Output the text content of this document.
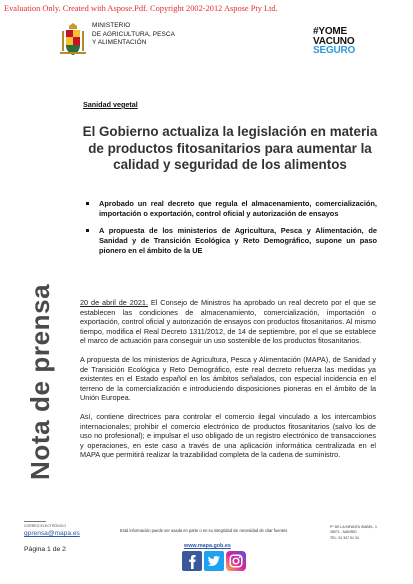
Evaluation Only. Created with Aspose.Pdf. Copyright 2002-2012 Aspose Pty Ltd.
MINISTERIO
DE AGRICULTURA, PESCA
Y ALIMENTACIÓN
#YOME
VACUNO
SEGURO
Sanidad vegetal
El Gobierno actualiza la legislación en materia de productos fitosanitarios para aumentar la calidad y seguridad de los alimentos
Aprobado un real decreto que regula el almacenamiento, comercialización, importación o exportación, control oficial y autorización de ensayos
A propuesta de los ministerios de Agricultura, Pesca y Alimentación, de Sanidad y de Transición Ecológica y Reto Demográfico, supone un paso pionero en el ámbito de la UE
Nota de prensa	20 de abril de 2021. El Consejo de Ministros ha aprobado un real decreto por el que se establecen las condiciones de almacenamiento, comercialización, importación o exportación, control oficial y autorización de ensayos con productos fitosanitarios. Al mismo tiempo, modifica el Real Decreto 1311/2012, de 14 de septiembre, por el que se establece el marco de actuación para conseguir un uso sostenible de los productos fitosanitarios.

A propuesta de los ministerios de Agricultura, Pesca y Alimentación (MAPA), de Sanidad y de Transición Ecológica y Reto Demográfico, este real decreto refuerza las medidas ya existentes en el Estado español en los ámbitos señalados, con especial incidencia en el terreno de la comercialización e introduciendo disposiciones pioneras en el ámbito de la Unión Europea.

Así, contiene directrices para controlar el comercio ilegal vinculado a los intercambios internacionales; prohibir el comercio electrónico de productos fitosanitarios (salvo los de uso no profesional); e impulsar el uso obligado de un registro electrónico de transacciones y operaciones, en este caso a través de una aplicación informática centralizada en el MAPA que permitirá realizar la trazabilidad completa de la cadena de suministro.

CORREO ELECTRÓNICO
gprensa@mapa.es
Página 1 de 2
Está información puede ser usada en parte o en su integridad sin necesidad de citar fuentes
www.mapa.gob.es
Pº DE LA INFANTA ISABEL, 1
28071 - MADRID
TEL: 91 347 51 34
